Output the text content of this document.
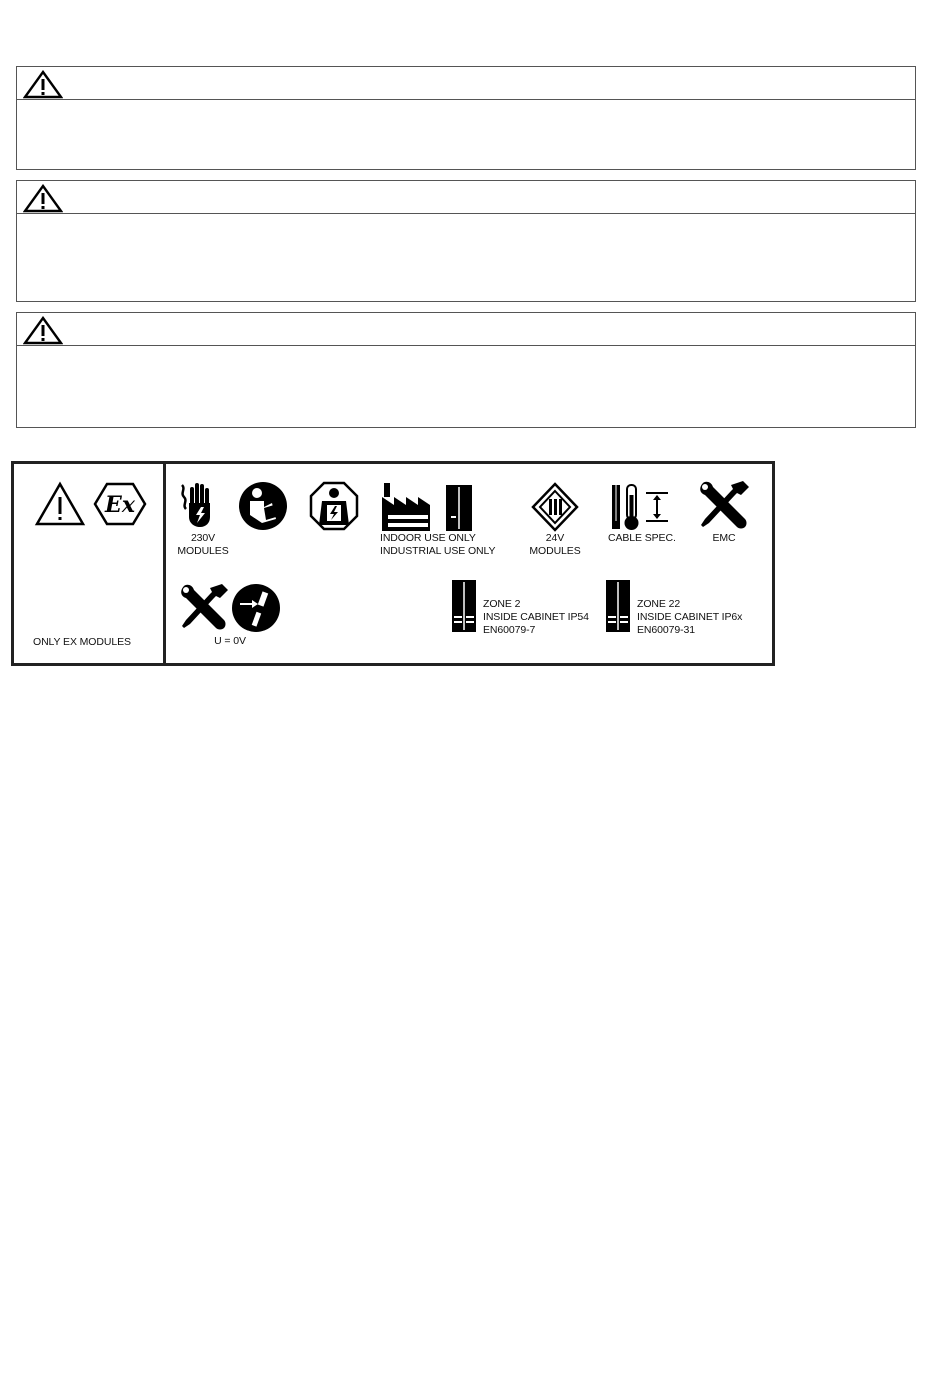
Ex
ONLY EX MODULES
230V
MODULES
INDOOR USE ONLY
INDUSTRIAL USE ONLY
24V
MODULES
CABLE SPEC.	EMC
U = 0V
ZONE 2
INSIDE CABINET IP54
EN60079-7
ZONE 22
INSIDE CABINET IP6x
EN60079-31
